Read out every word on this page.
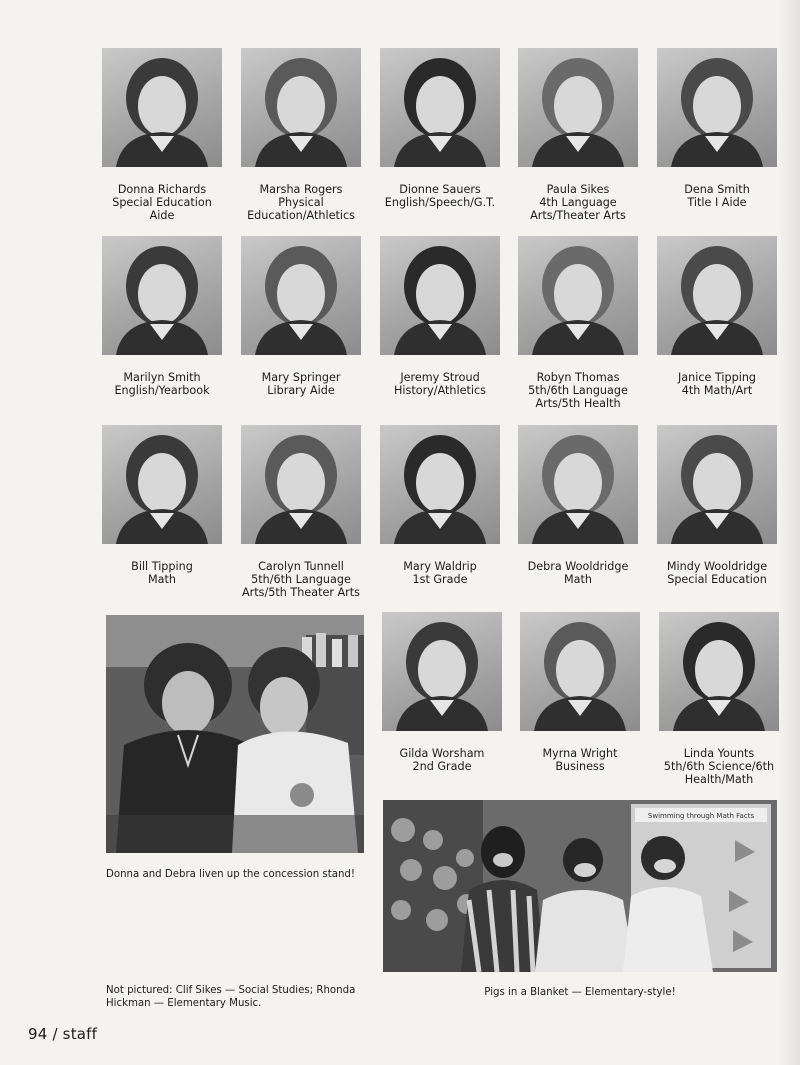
Donna Richards
Special Education
Aide
Marsha Rogers
Physical
Education/Athletics
Dionne Sauers
English/Speech/G.T.
Paula Sikes
4th Language
Arts/Theater Arts
Dena Smith
Title I Aide
Marilyn Smith
English/Yearbook
Mary Springer
Library Aide
Jeremy Stroud
History/Athletics
Robyn Thomas
5th/6th Language
Arts/5th Health
Janice Tipping
4th Math/Art
Bill Tipping
Math
Carolyn Tunnell
5th/6th Language
Arts/5th Theater Arts
Mary Waldrip
1st Grade
Debra Wooldridge
Math
Mindy Wooldridge
Special Education
Gilda Worsham
2nd Grade
Myrna Wright
Business
Linda Younts
5th/6th Science/6th
Health/Math
Donna and Debra liven up the concession stand!
Not pictured: Clif Sikes — Social Studies; Rhonda Hickman — Elementary Music.
Swimming through Math Facts
Pigs in a Blanket — Elementary-style!
94 / staff
